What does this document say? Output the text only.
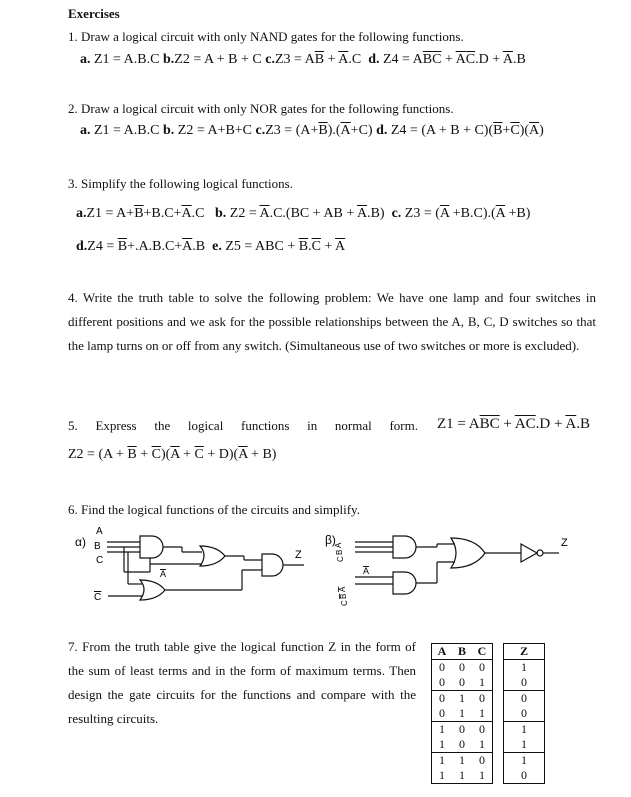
Exercises
1. Draw a logical circuit with only NAND gates for the following functions.
a. Z1 = A.B.C b.Z2 = A + B + C $c.Z3 = A\overline{B} + \overline{A}.C$ d. $Z4 = A\overline{B}\overline{C} + \overline{A}\overline{C}.D + \overline{A}.B$
2. Draw a logical circuit with only NOR gates for the following functions.
a. Z1 = A.B.C b. Z2 = A+B+C $c.Z3 = (A+\overline{B}).(\overline{A}+C)$ d. $Z4 = (A + B + C)(\overline{B}+\overline{C})(\overline{A})$
3. Simplify the following logical functions.
$a.Z1 = A+\overline{B}+B.C+\overline{A}.C$ b. $Z2 = \overline{A}.C.(BC$ + AB + $\overline{A}.B$) c. $Z3 = (\overline{A} +B.C).(\overline{A} +B)$
$d.Z4 = \overline{B}+.A.B.C+\overline{A}.B$ e. Z5 = ABC + $\overline{B}.\overline{C} + \overline{A}$
4. Write the truth table to solve the following problem: We have one lamp and four switches in different positions and we ask for the possible relationships between the A, B, C, D switches so that the lamp turns on or off from any switch. (Simultaneous use of two switches or more is excluded).
5. Express the logical functions in normal form. $Z1 = A\overline{B}\overline{C} + \overline{A}\overline{C}.D + \overline{A}.B$
$Z2 = (A + \overline{B} + \overline{C})(\overline{A} + \overline{C} + D)(\overline{A} + B)$
6. Find the logical functions of the circuits and simplify.
α)
A
B
C
A
C
Z
β)
A
B
C
A
A
B
C
Z
7. From the truth table give the logical function Z in the form of the sum of least terms and in the form of maximum terms. Then design the gate circuits for the functions and compare with the resulting circuits.
A	B	C		Z
0	0	0		1
0	0	1		0
0	1	0		0
0	1	1		0
1	0	0		1
1	0	1		1
1	1	0		1
1	1	1		0
